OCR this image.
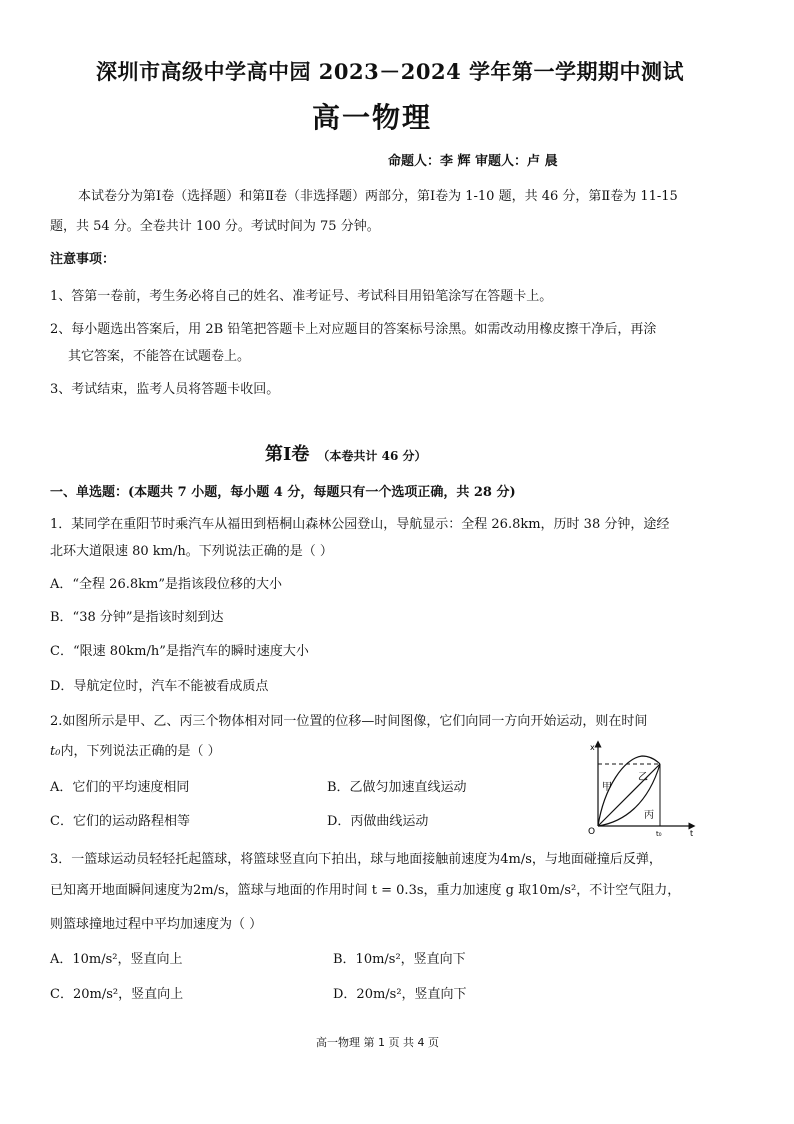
深圳市高级中学高中园 2023－2024 学年第一学期期中测试
高一物理
命题人：李 辉 审题人：卢 晨
本试卷分为第Ⅰ卷（选择题）和第Ⅱ卷（非选择题）两部分，第Ⅰ卷为 1-10 题，共 46 分，第Ⅱ卷为 11-15
题，共 54 分。全卷共计 100 分。考试时间为 75 分钟。
注意事项：
1、答第一卷前，考生务必将自己的姓名、准考证号、考试科目用铅笔涂写在答题卡上。
2、每小题选出答案后，用 2B 铅笔把答题卡上对应题目的答案标号涂黑。如需改动用橡皮擦干净后，再涂
其它答案，不能答在试题卷上。
3、考试结束，监考人员将答题卡收回。
第Ⅰ卷 （本卷共计 46 分）
一、单选题：(本题共 7 小题，每小题 4 分，每题只有一个选项正确，共 28 分)
1．某同学在重阳节时乘汽车从福田到梧桐山森林公园登山，导航显示：全程 26.8km，历时 38 分钟，途经
北环大道限速 80 km/h。下列说法正确的是（ ）
A．“全程 26.8km”是指该段位移的大小
B．“38 分钟”是指该时刻到达
C．“限速 80km/h”是指汽车的瞬时速度大小
D．导航定位时，汽车不能被看成质点
2.如图所示是甲、乙、丙三个物体相对同一位置的位移—时间图像，它们向同一方向开始运动，则在时间
t₀内，下列说法正确的是（ ）
A．它们的平均速度相同	B．乙做匀加速直线运动
C．它们的运动路程相等	D．丙做曲线运动
x
t
O	t₀
甲
乙
丙
3．一篮球运动员轻轻托起篮球，将篮球竖直向下拍出，球与地面接触前速度为4m/s，与地面碰撞后反弹，
已知离开地面瞬间速度为2m/s，篮球与地面的作用时间 t = 0.3s，重力加速度 g 取10m/s²，不计空气阻力，
则篮球撞地过程中平均加速度为（ ）
A．10m/s²，竖直向上	B．10m/s²，竖直向下
C．20m/s²，竖直向上	D．20m/s²，竖直向下
高一物理 第 1 页 共 4 页
